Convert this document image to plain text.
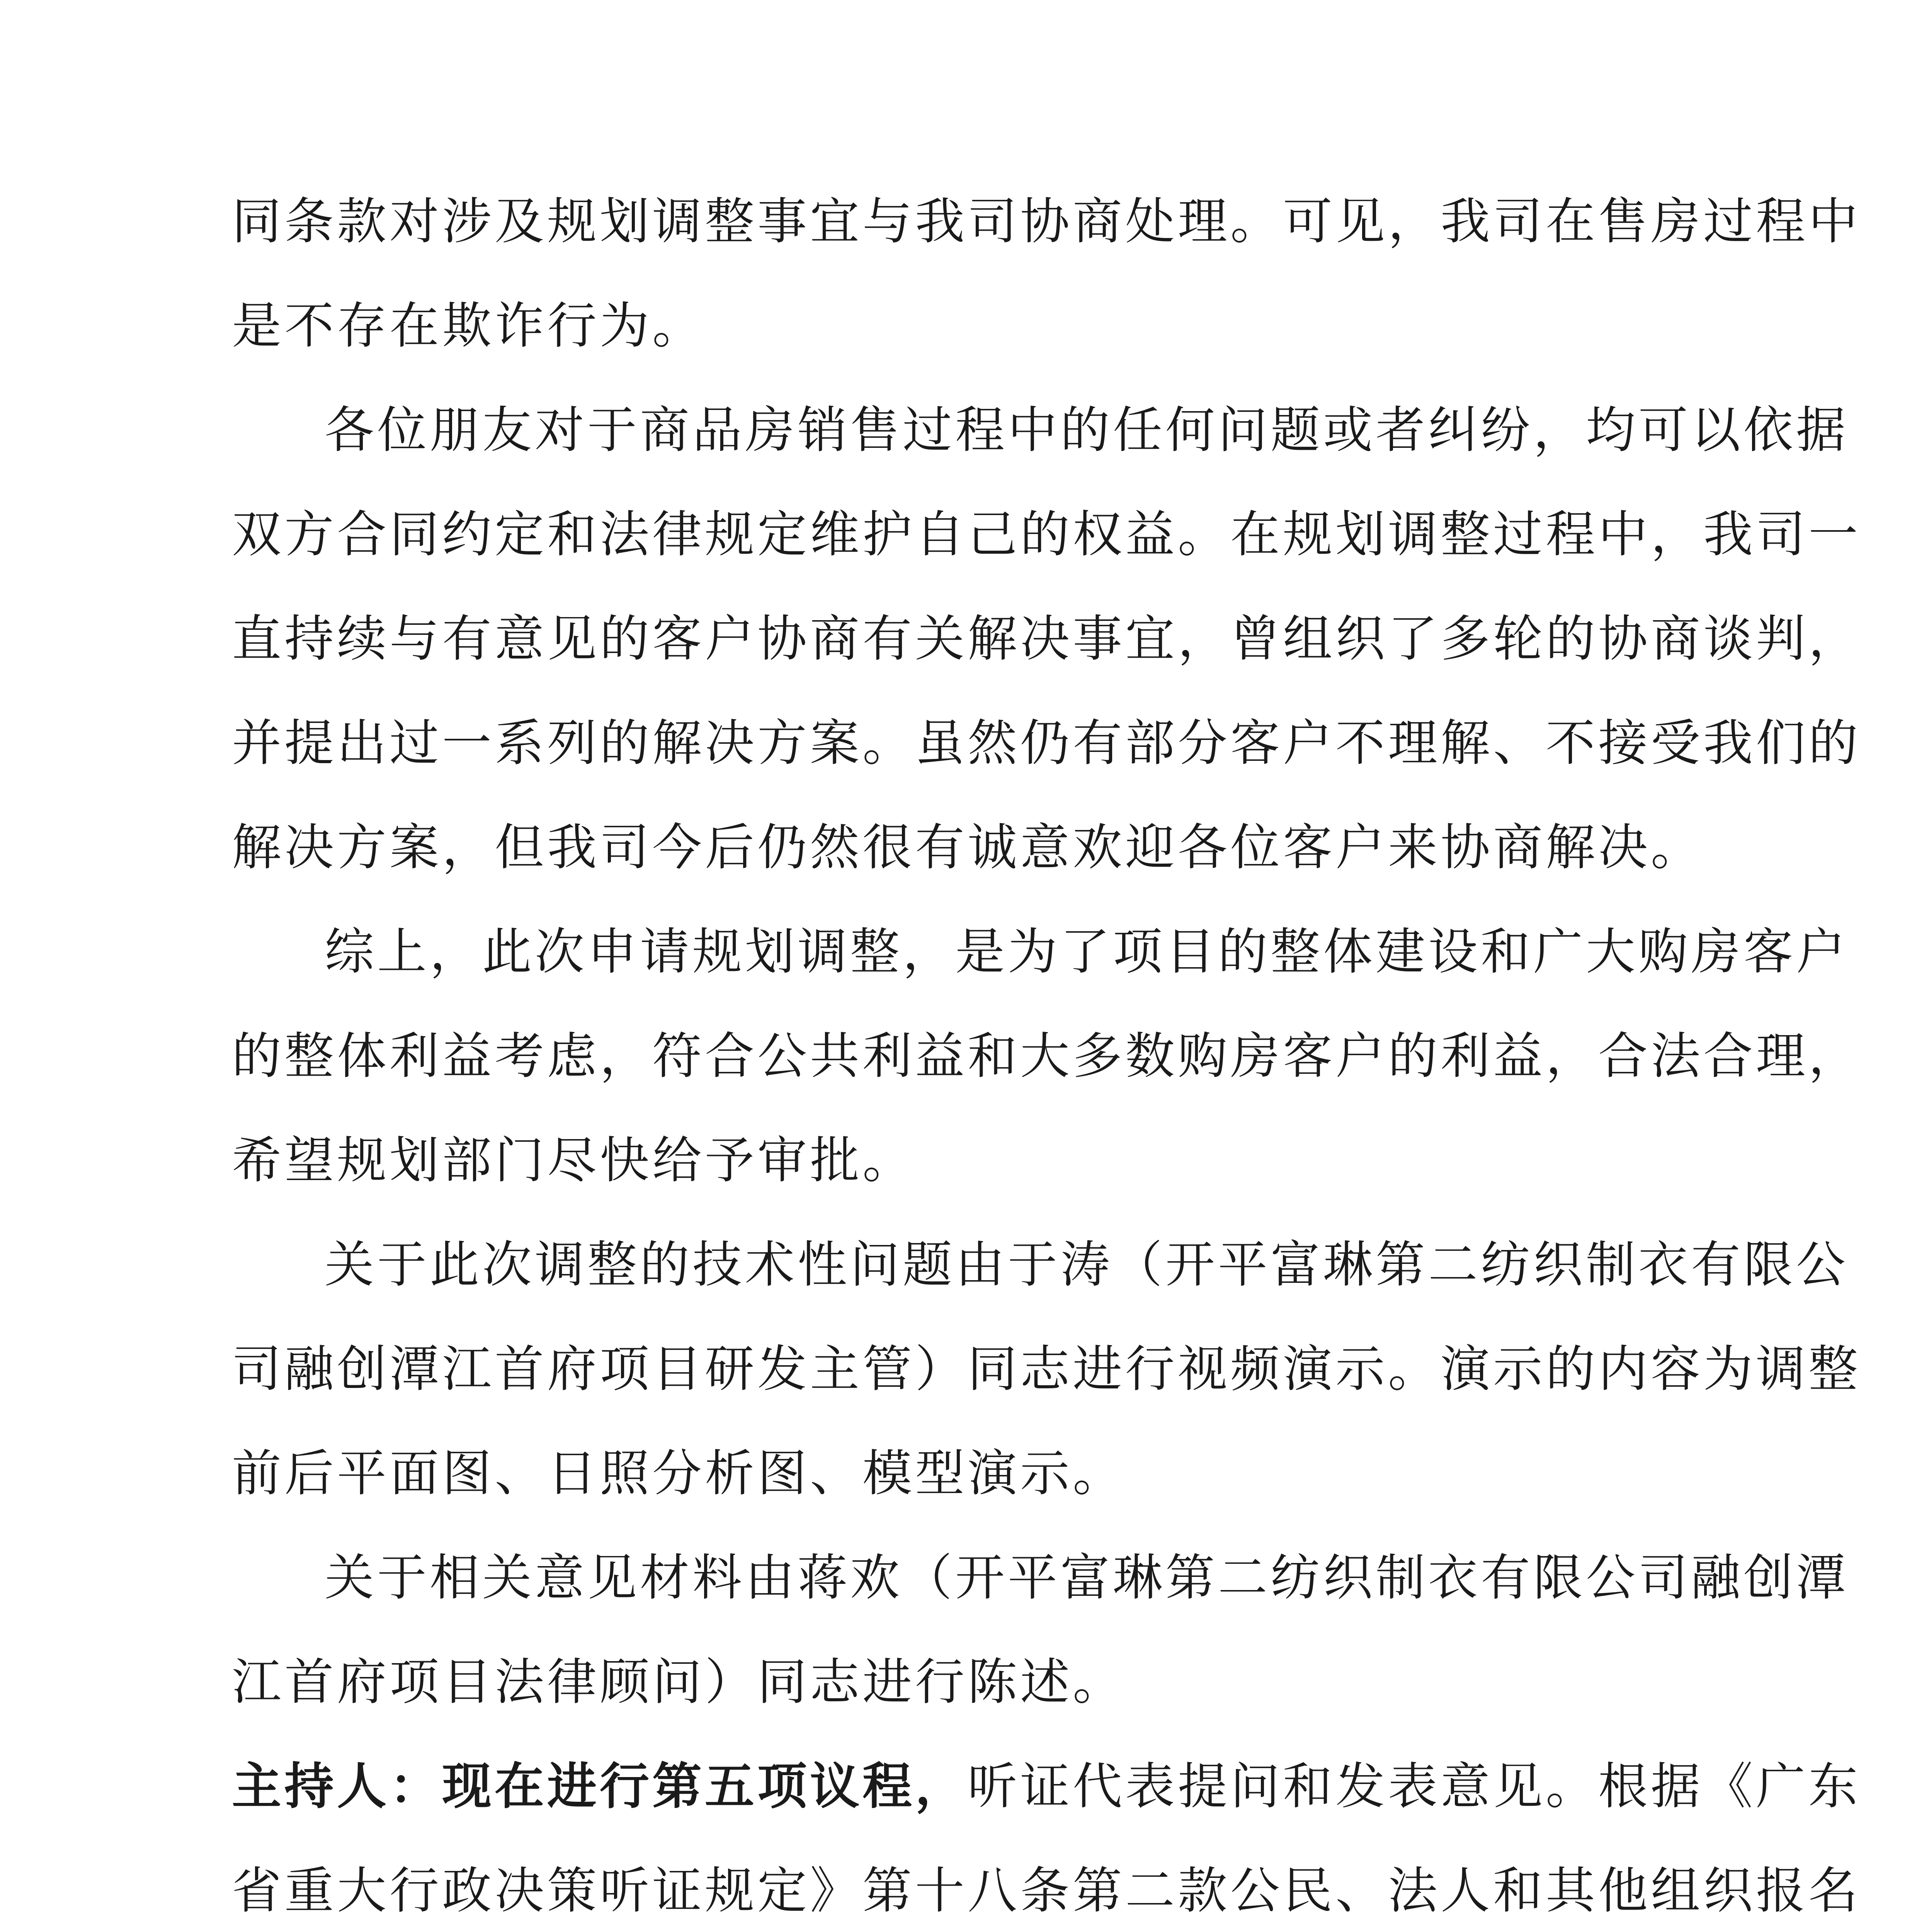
同条款对涉及规划调整事宜与我司协商处理。可见，我司在售房过程中
是不存在欺诈行为。
各位朋友对于商品房销售过程中的任何问题或者纠纷，均可以依据
双方合同约定和法律规定维护自己的权益。在规划调整过程中，我司一
直持续与有意见的客户协商有关解决事宜，曾组织了多轮的协商谈判，
并提出过一系列的解决方案。虽然仍有部分客户不理解、不接受我们的
解决方案，但我司今后仍然很有诚意欢迎各位客户来协商解决。
综上，此次申请规划调整，是为了项目的整体建设和广大购房客户
的整体利益考虑，符合公共利益和大多数购房客户的利益，合法合理，
希望规划部门尽快给予审批。
关于此次调整的技术性问题由于涛（开平富琳第二纺织制衣有限公
司融创潭江首府项目研发主管）同志进行视频演示。演示的内容为调整
前后平面图、日照分析图、模型演示。
关于相关意见材料由蒋欢（开平富琳第二纺织制衣有限公司融创潭
江首府项目法律顾问）同志进行陈述。
主持人：现在进行第五项议程，听证代表提问和发表意见。根据《广东
省重大行政决策听证规定》第十八条第二款公民、法人和其他组织报名
